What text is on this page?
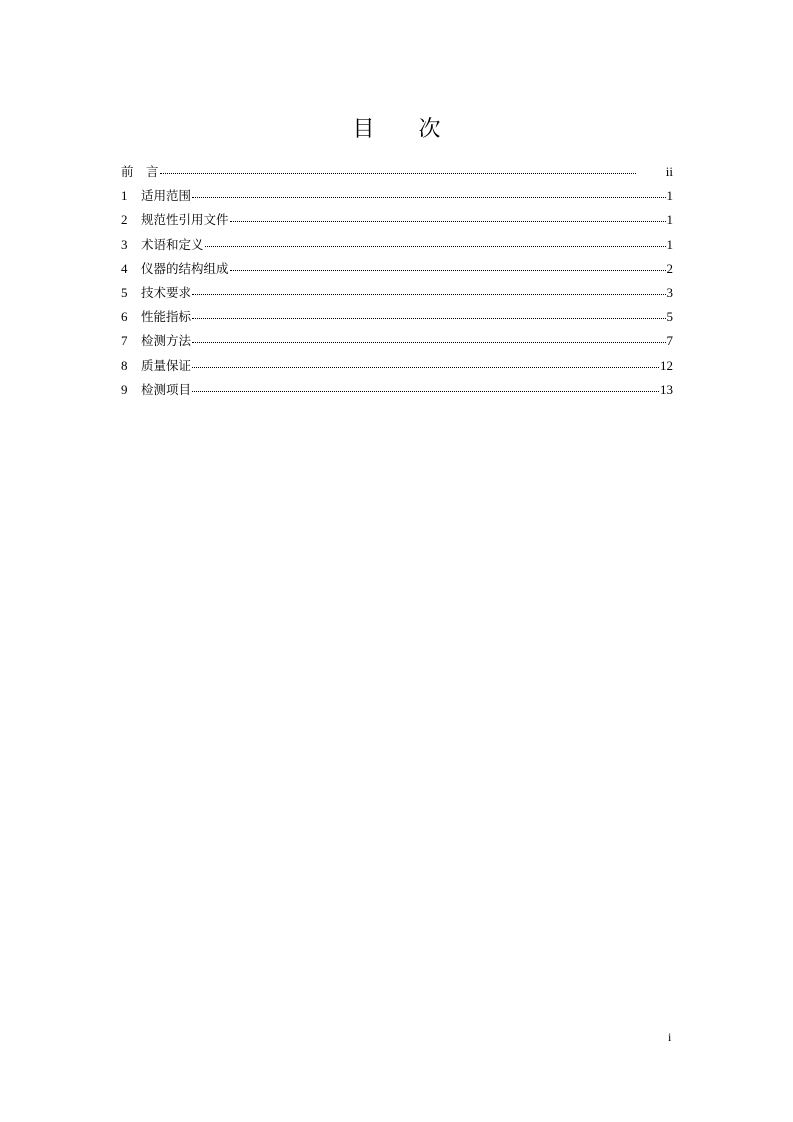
目　　次
前　言	ii
1	适用范围	1
2	规范性引用文件	1
3	术语和定义	1
4	仪器的结构组成	2
5	技术要求	3
6	性能指标	5
7	检测方法	7
8	质量保证	12
9	检测项目	13
i
